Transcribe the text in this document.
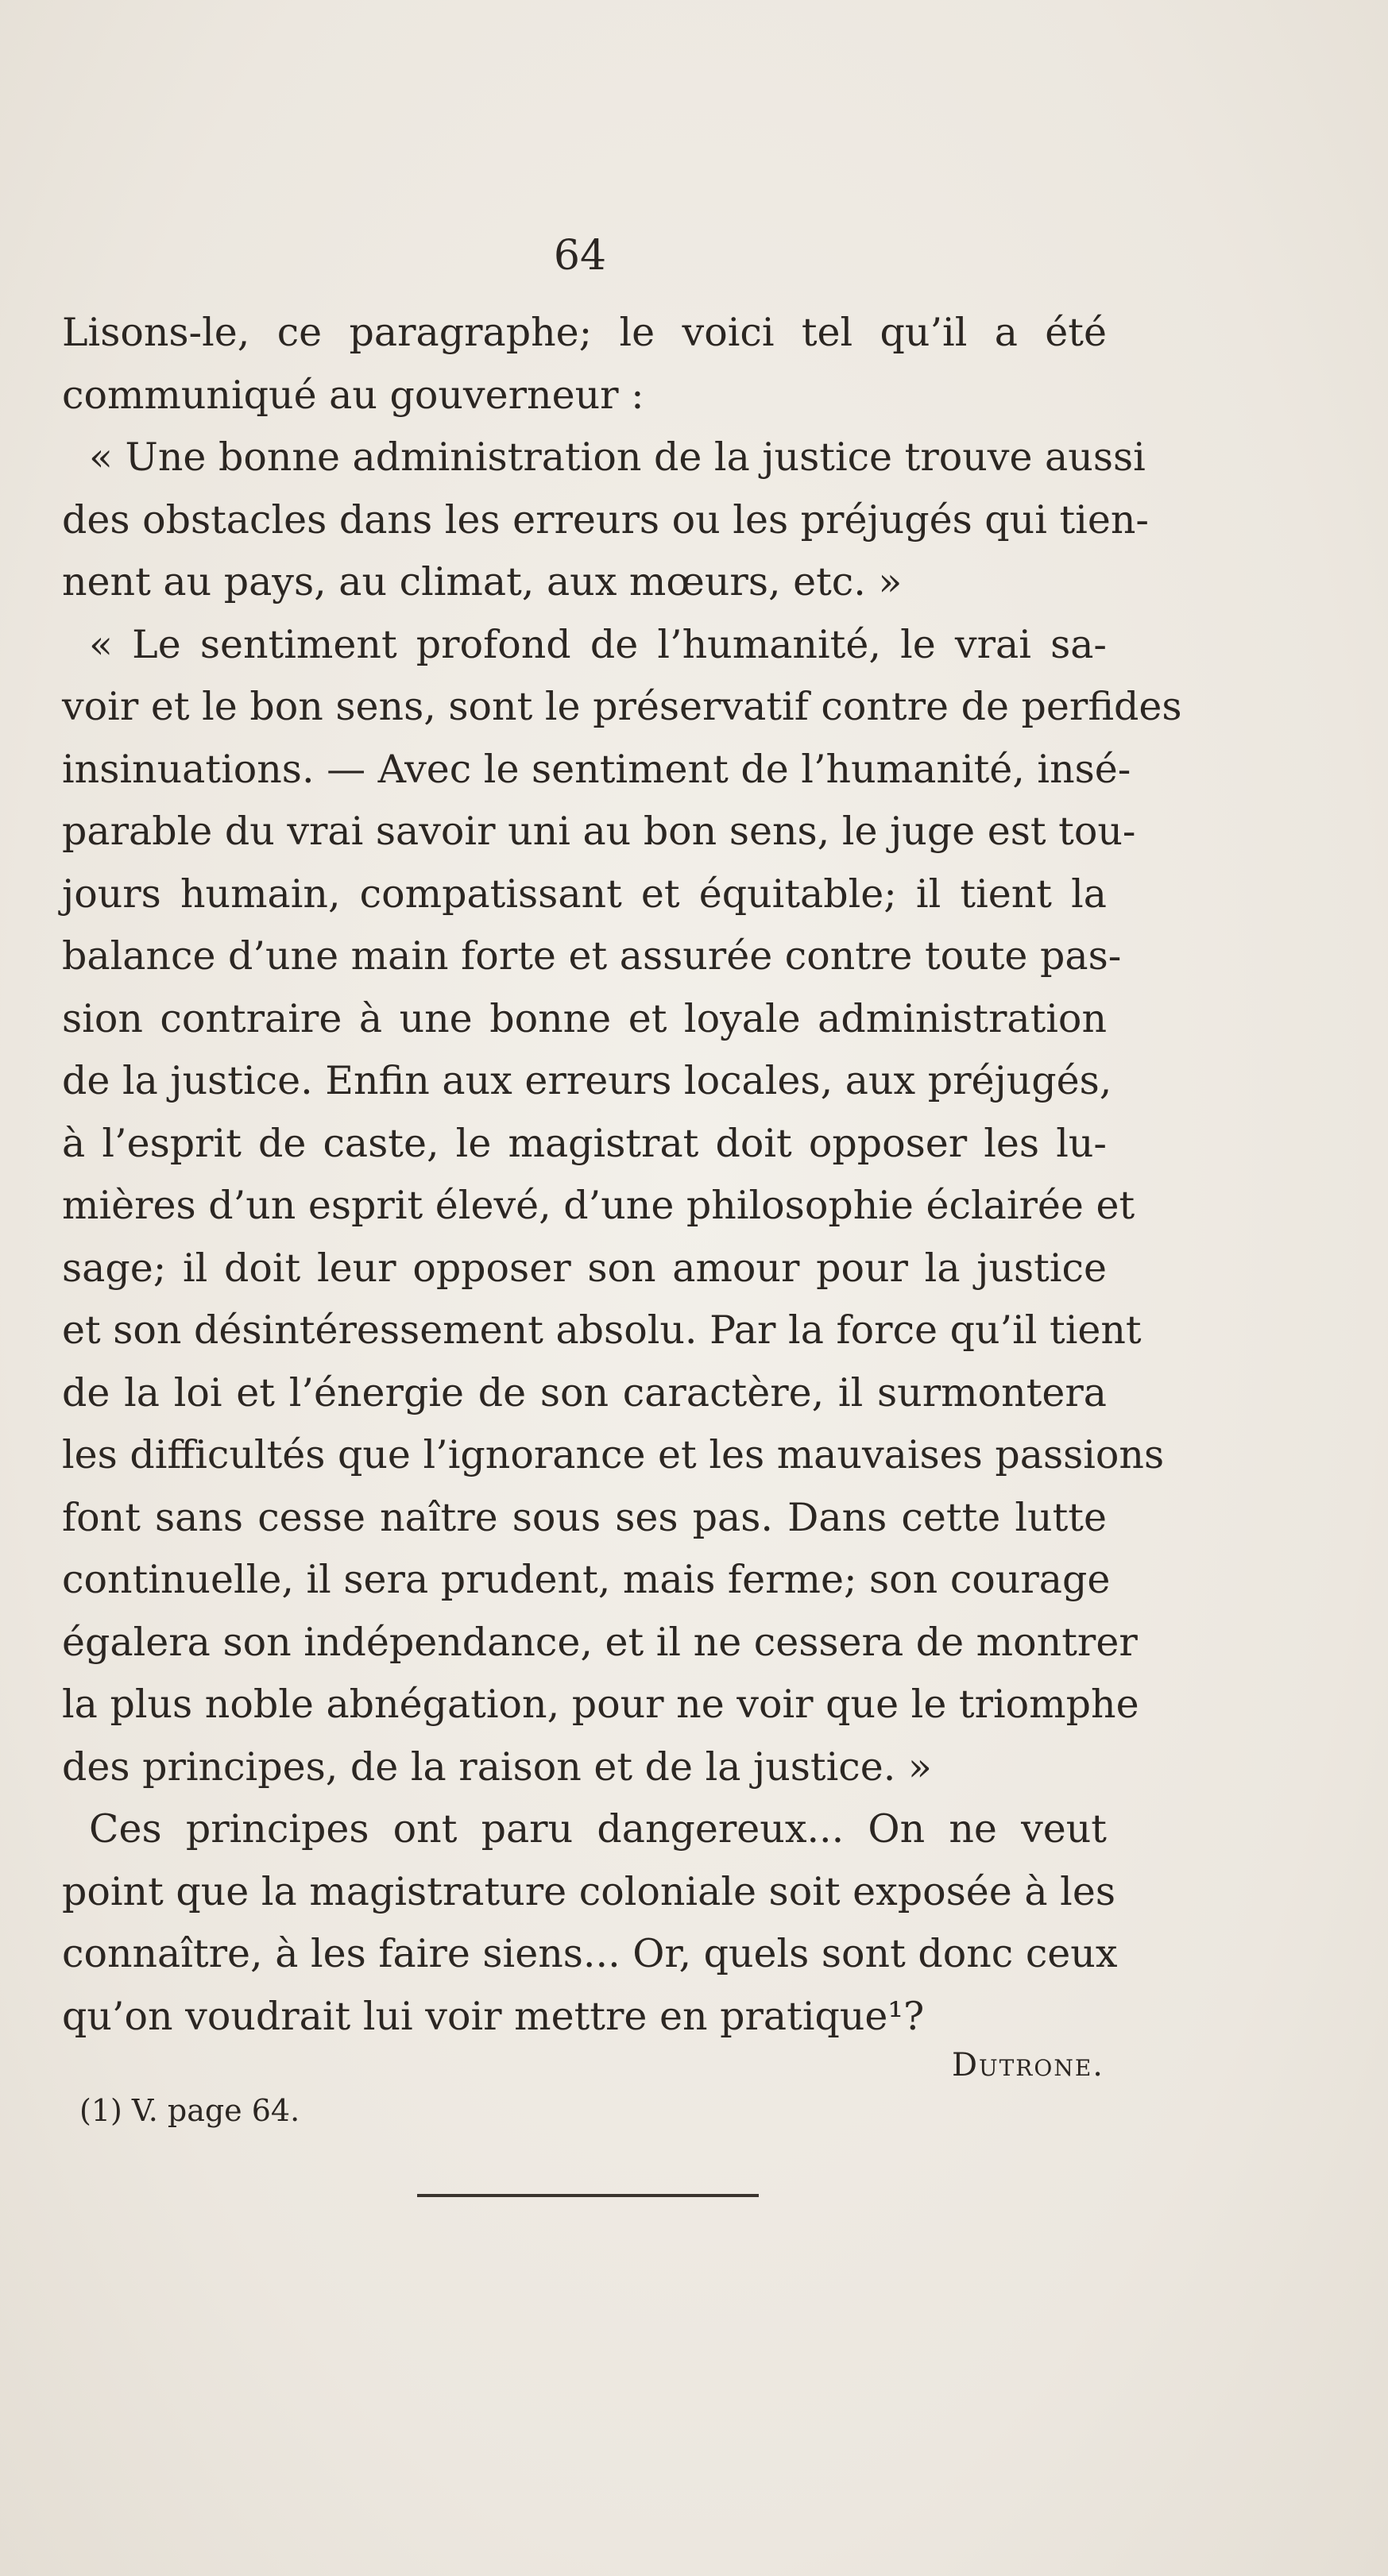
64
Lisons-le, ce paragraphe; le voici tel qu’il a été
communiqué au gouverneur :
« Une bonne administration de la justice trouve aussi
des obstacles dans les erreurs ou les préjugés qui tien-
nent au pays, au climat, aux mœurs, etc. »
« Le sentiment profond de l’humanité, le vrai sa-
voir et le bon sens, sont le préservatif contre de perfides
insinuations. — Avec le sentiment de l’humanité, insé-
parable du vrai savoir uni au bon sens, le juge est tou-
jours humain, compatissant et équitable; il tient la
balance d’une main forte et assurée contre toute pas-
sion contraire à une bonne et loyale administration
de la justice. Enfin aux erreurs locales, aux préjugés,
à l’esprit de caste, le magistrat doit opposer les lu-
mières d’un esprit élevé, d’une philosophie éclairée et
sage; il doit leur opposer son amour pour la justice
et son désintéressement absolu. Par la force qu’il tient
de la loi et l’énergie de son caractère, il surmontera
les difficultés que l’ignorance et les mauvaises passions
font sans cesse naître sous ses pas. Dans cette lutte
continuelle, il sera prudent, mais ferme; son courage
égalera son indépendance, et il ne cessera de montrer
la plus noble abnégation, pour ne voir que le triomphe
des principes, de la raison et de la justice. »
Ces principes ont paru dangereux... On ne veut
point que la magistrature coloniale soit exposée à les
connaître, à les faire siens... Or, quels sont donc ceux
qu’on voudrait lui voir mettre en pratique¹?
Dutrone.
(1) V. page 64.
